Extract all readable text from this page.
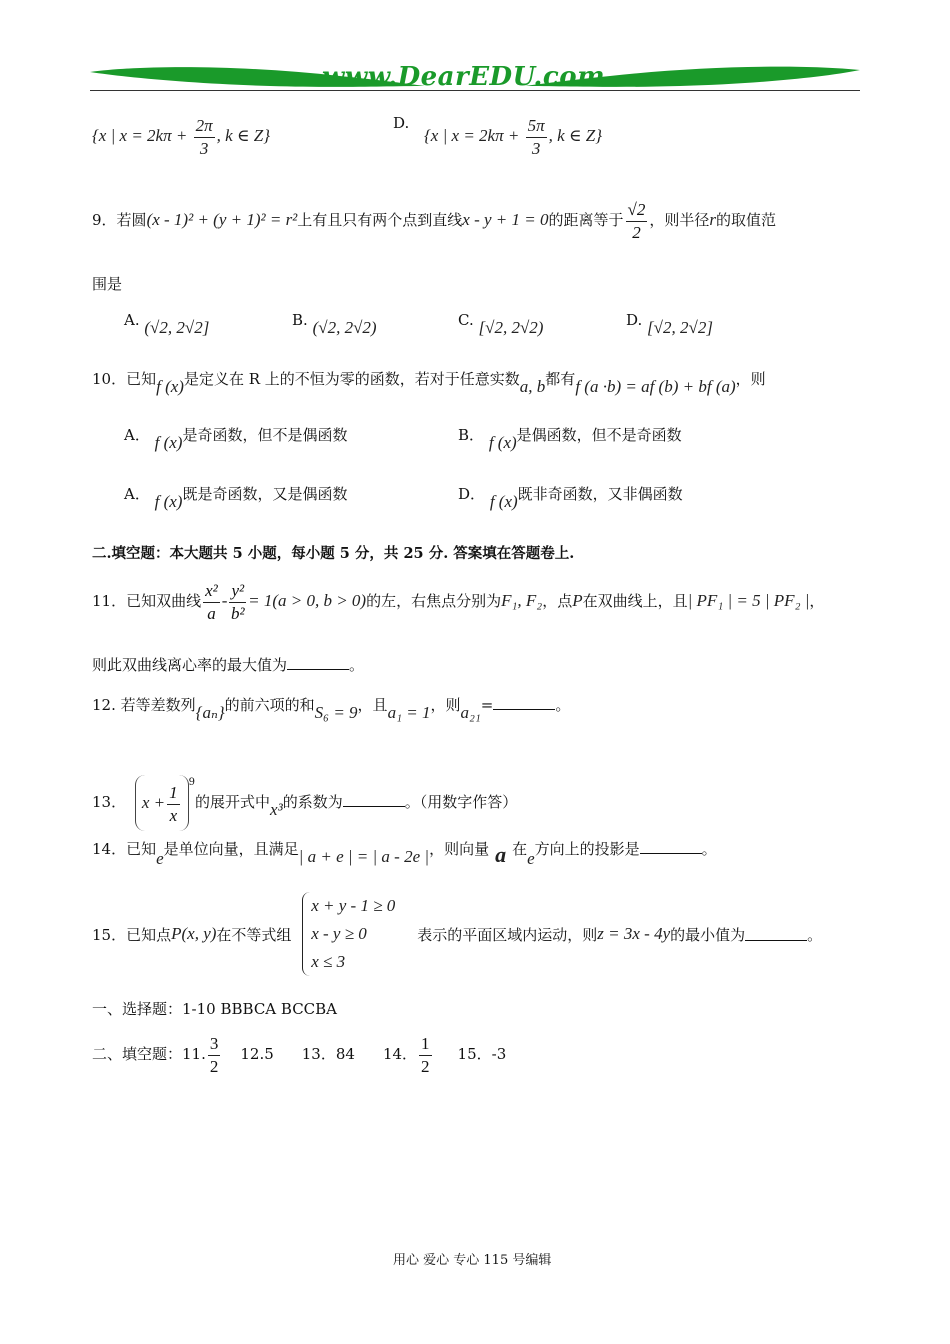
www.DearEDU.com
{x | $x = 2k\pi + \frac{2\pi}{3}$ , k ∈ Z}
D.
{x | $x = 2k\pi + \frac{5\pi}{3}$ , k ∈ Z}
9．若圆(x - 1)² + (y + 1)² = r²上有且只有两个点到直线x - y + 1 = 0的距离等于 $\frac{√2}{2}$ ，则半径r的取值范
围是
A. (√2, 2√2]	B. (√2, 2√2)	C. [√2, 2√2)	D. [√2, 2√2]
10．已知f (x)是定义在 R 上的不恒为零的函数，若对于任意实数a, b都有f (a ·b) = af (b) + bf (a)，则
A． f (x)是奇函数，但不是偶函数	B． f (x)是偶函数，但不是奇函数
A． f (x)既是奇函数，又是偶函数	D． f (x)既非奇函数，又非偶函数
二.填空题：本大题共 5 小题，每小题 5 分，共 25 分. 答案填在答题卷上.
11．已知双曲线 $\frac{\text{x²}}{a} - \frac{\text{y²}}{\text{b²}} = 1(a > 0$, b > 0)的左，右焦点分别为F₁, F₂，点P在双曲线上，且| PF₁ | = 5 | PF₂ |，
则此双曲线离心率的最大值为	。
12. 若等差数列{aₙ}的前六项的和S₆ = 9，且a₁ = 1，则a₂₁=	。
13． $x + \frac{1}{x} ^9$的展开式中x³的系数为	。（用数字作答）
14．已知e是单位向量，且满足| a + e | = | a - 2e |，则向量 a 在e方向上的投影是	。
15．已知点P(x, y)在不等式组
x + y - 1 ≥ 0
x - y ≥ 0
x ≤ 3
表示的平面区域内运动，则z = 3x - 4y的最小值为	。
一、选择题：1-10 BBBCA BCCBA
二、填空题：11. $\frac{3}{2} 12.5$ 13．84 14． $\frac{1}{2} 15$．-3
用心 爱心 专心 115 号编辑
